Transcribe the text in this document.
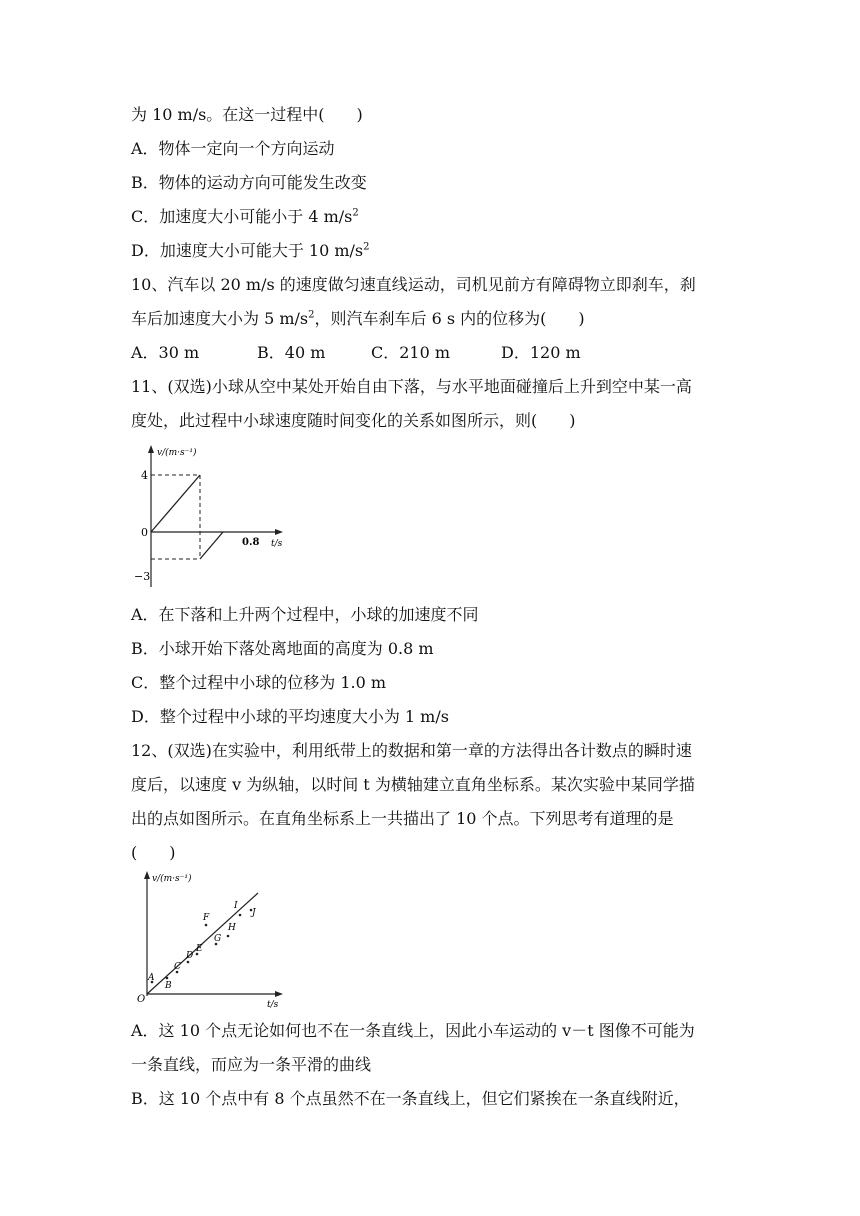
为 10 m/s。在这一过程中(　　)
A．物体一定向一个方向运动
B．物体的运动方向可能发生改变
C．加速度大小可能小于 4 $m/s^2$
D．加速度大小可能大于 10 $m/s^2$
10、汽车以 20 m/s 的速度做匀速直线运动，司机见前方有障碍物立即刹车，刹
车后加速度大小为 5 $m/s^2$，则汽车刹车后 6 s 内的位移为(　　)
A．30 m	B．40 m	C．210 m	D．120 m
11、(双选)小球从空中某处开始自由下落，与水平地面碰撞后上升到空中某一高
度处，此过程中小球速度随时间变化的关系如图所示，则(　　)
v/(m·s⁻¹)
4
0
−3
0.8 t/s
A．在下落和上升两个过程中，小球的加速度不同
B．小球开始下落处离地面的高度为 0.8 m
C．整个过程中小球的位移为 1.0 m
D．整个过程中小球的平均速度大小为 1 m/s
12、(双选)在实验中，利用纸带上的数据和第一章的方法得出各计数点的瞬时速
度后，以速度 v 为纵轴，以时间 t 为横轴建立直角坐标系。某次实验中某同学描
出的点如图所示。在直角坐标系上一共描出了 10 个点。下列思考有道理的是
(　　)
v/(m·s⁻¹)
O	t/s
A
B
C
D
E
F
G
H
I
J
A．这 10 个点无论如何也不在一条直线上，因此小车运动的 v－t 图像不可能为
一条直线，而应为一条平滑的曲线
B．这 10 个点中有 8 个点虽然不在一条直线上，但它们紧挨在一条直线附近，
